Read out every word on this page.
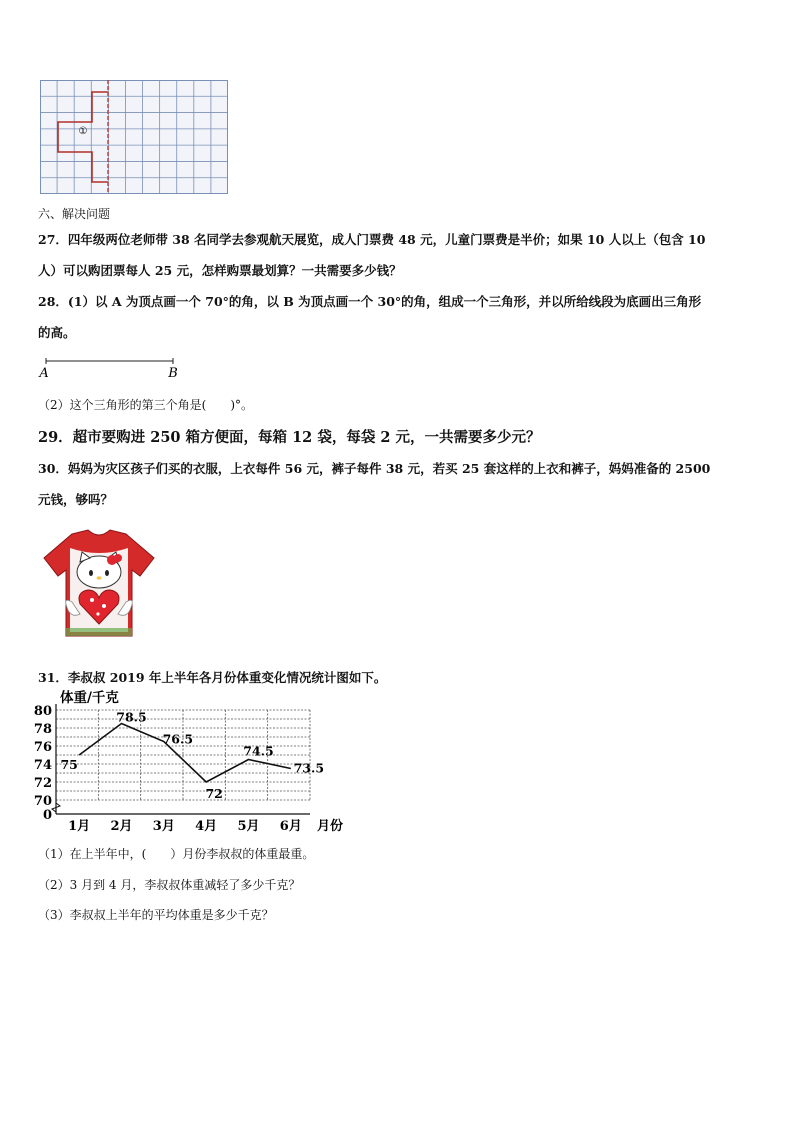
①
六、解决问题
27．四年级两位老师带 38 名同学去参观航天展览，成人门票费 48 元，儿童门票费是半价；如果 10 人以上（包含 10
人）可以购团票每人 25 元，怎样购票最划算？一共需要多少钱？
28．(1）以 A 为顶点画一个 70°的角，以 B 为顶点画一个 30°的角，组成一个三角形，并以所给线段为底画出三角形
的高。
A	B
（2）这个三角形的第三个角是(　　)°。
29．超市要购进 250 箱方便面，每箱 12 袋，每袋 2 元，一共需要多少元？
30．妈妈为灾区孩子们买的衣服，上衣每件 56 元，裤子每件 38 元，若买 25 套这样的上衣和裤子，妈妈准备的 2500
元钱，够吗？
31．李叔叔 2019 年上半年各月份体重变化情况统计图如下。
80
78
76
74
72
70
0
1月 2月 3月 4月 5月 6月
75
78.5
76.5
72
74.5
73.5
体重/千克
月份
（1）在上半年中，(　　）月份李叔叔的体重最重。
（2）3 月到 4 月，李叔叔体重减轻了多少千克？
（3）李叔叔上半年的平均体重是多少千克？
